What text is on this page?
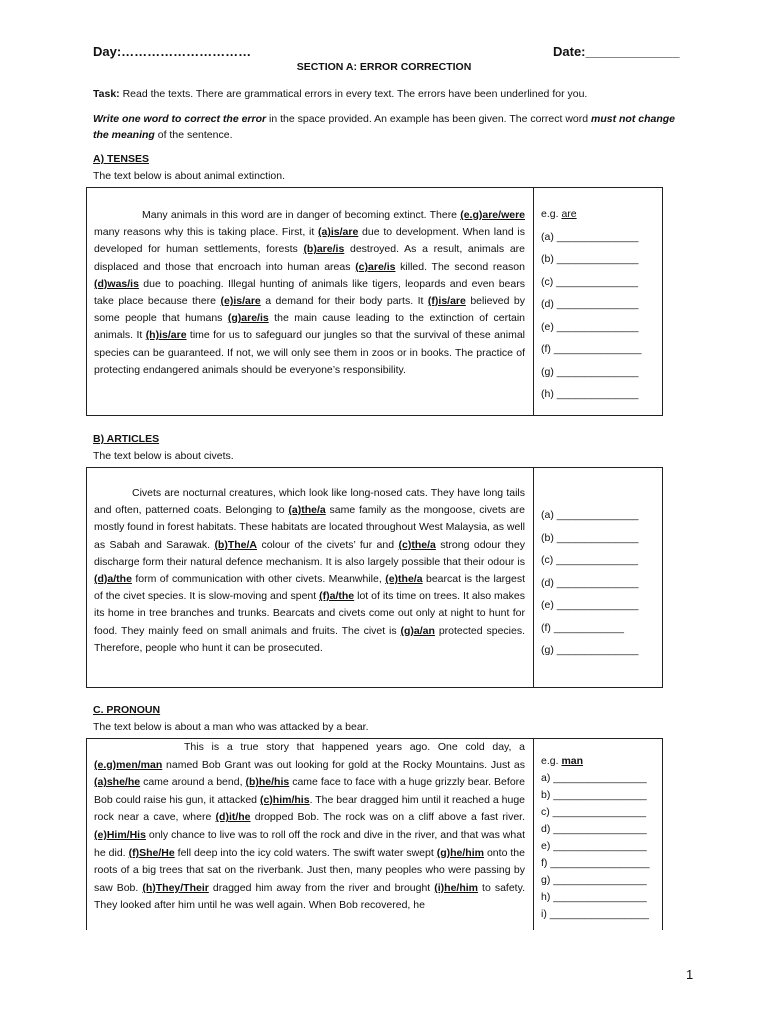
Day:…………………………	Date:_____________
SECTION A: ERROR CORRECTION
Task: Read the texts. There are grammatical errors in every text. The errors have been underlined for you.
Write one word to correct the error in the space provided. An example has been given. The correct word must not change the meaning of the sentence.
A) TENSES
The text below is about animal extinction.
Many animals in this word are in danger of becoming extinct. There (e.g)are/were many reasons why this is taking place. First, it (a)is/are due to development. When land is developed for human settlements, forests (b)are/is destroyed. As a result, animals are displaced and those that encroach into human areas (c)are/is killed. The second reason (d)was/is due to poaching. Illegal hunting of animals like tigers, leopards and even bears take place because there (e)is/are a demand for their body parts. It (f)is/are believed by some people that humans (g)are/is the main cause leading to the extinction of certain animals. It (h)is/are time for us to safeguard our jungles so that the survival of these animal species can be guaranteed. If not, we will only see them in zoos or in books. The practice of protecting endangered animals should be everyone’s responsibility.
e.g. are
(a) ______________
(b) ______________
(c) ______________
(d) ______________
(e) ______________
(f) _______________
(g) ______________
(h) ______________
B) ARTICLES
The text below is about civets.
Civets are nocturnal creatures, which look like long-nosed cats. They have long tails and often, patterned coats. Belonging to (a)the/a same family as the mongoose, civets are mostly found in forest habitats. These habitats are located throughout West Malaysia, as well as Sabah and Sarawak. (b)The/A colour of the civets’ fur and (c)the/a strong odour they discharge form their natural defence mechanism. It is also largely possible that their odour is (d)a/the form of communication with other civets. Meanwhile, (e)the/a bearcat is the largest of the civet species. It is slow-moving and spent (f)a/the lot of its time on trees. It also makes its home in tree branches and trunks. Bearcats and civets come out only at night to hunt for food. They mainly feed on small animals and fruits. The civet is (g)a/an protected species. Therefore, people who hunt it can be prosecuted.
(a) ______________
(b) ______________
(c) ______________
(d) ______________
(e) ______________
(f) ____________
(g) ______________
C. PRONOUN
The text below is about a man who was attacked by a bear.
This is a true story that happened years ago. One cold day, a (e.g)men/man named Bob Grant was out looking for gold at the Rocky Mountains. Just as (a)she/he came around a bend, (b)he/his came face to face with a huge grizzly bear. Before Bob could raise his gun, it attacked (c)him/his. The bear dragged him until it reached a huge rock near a cave, where (d)it/he dropped Bob. The rock was on a cliff above a fast river. (e)Him/His only chance to live was to roll off the rock and dive in the river, and that was what he did. (f)She/He fell deep into the icy cold waters. The swift water swept (g)he/him onto the roots of a big trees that sat on the riverbank. Just then, many peoples who were passing by saw Bob. (h)They/Their dragged him away from the river and brought (i)he/him to safety. They looked after him until he was well again. When Bob recovered, he
e.g. man
a) ________________
b) ________________
c) ________________
d) ________________
e) ________________
f) _________________
g) ________________
h) ________________
i) _________________
1
